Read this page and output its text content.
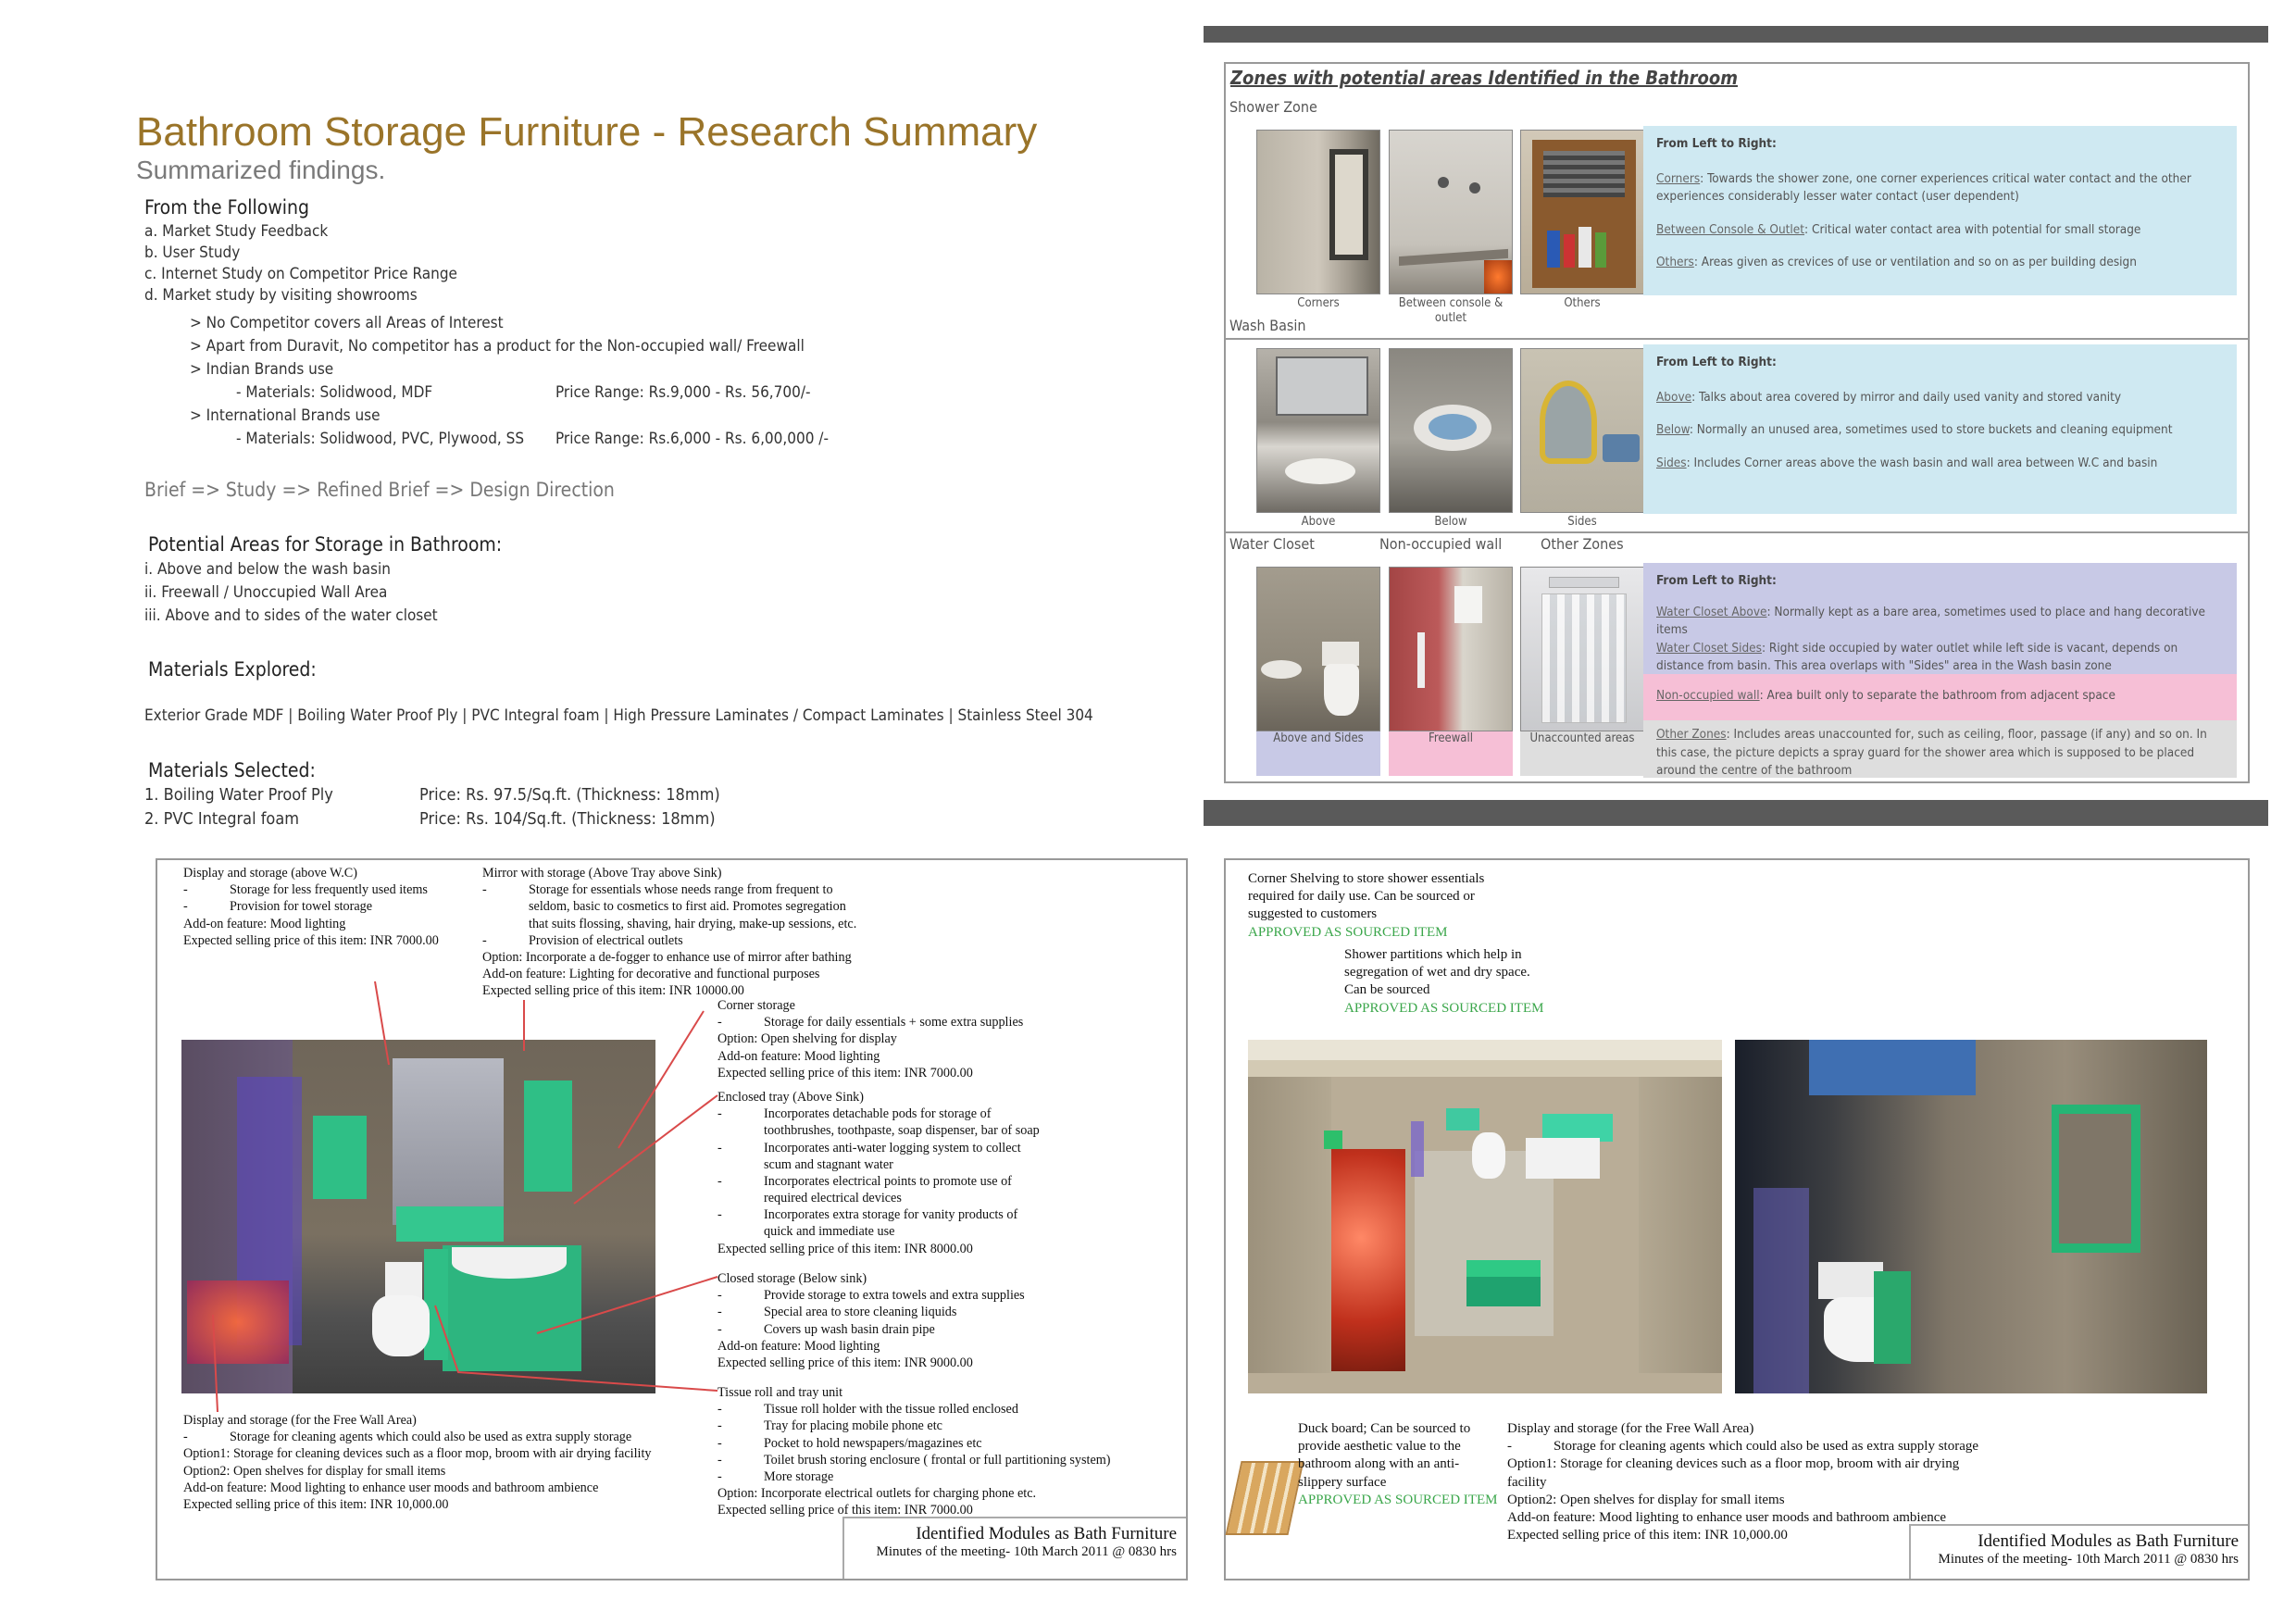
Bathroom Storage Furniture - Research Summary
Summarized findings.
From the Following
a. Market Study Feedback
b. User Study
c. Internet Study on Competitor Price Range
d. Market study by visiting showrooms
> No Competitor covers all Areas of Interest
> Apart from Duravit, No competitor has a product for the Non-occupied wall/ Freewall
> Indian Brands use
- Materials: Solidwood, MDF	Price Range: Rs.9,000 - Rs. 56,700/-
> International Brands use
- Materials: Solidwood, PVC, Plywood, SS Price Range: Rs.6,000 - Rs. 6,00,000 /-
Brief => Study => Refined Brief => Design Direction
Potential Areas for Storage in Bathroom:
i. Above and below the wash basin
ii. Freewall / Unoccupied Wall Area
iii. Above and to sides of the water closet
Materials Explored:
Exterior Grade MDF | Boiling Water Proof Ply | PVC Integral foam | High Pressure Laminates / Compact Laminates | Stainless Steel 304
Materials Selected:
1. Boiling Water Proof Ply	Price: Rs. 97.5/Sq.ft. (Thickness: 18mm)
2. PVC Integral foam	Price: Rs. 104/Sq.ft. (Thickness: 18mm)
Zones with potential areas Identified in the Bathroom
Shower Zone
Corners	Between console & outlet
Others

From Left to Right:

Corners: Towards the shower zone, one corner experiences critical water contact and the other experiences considerably lesser water contact (user dependent)

Between Console & Outlet: Critical water contact area with potential for small storage

Others: Areas given as crevices of use or ventilation and so on as per building design

Wash Basin
Above	Below	Sides

From Left to Right:

Above: Talks about area covered by mirror and daily used vanity and stored vanity

Below: Normally an unused area, sometimes used to store buckets and cleaning equipment

Sides: Includes Corner areas above the wash basin and wall area between W.C and basin

Water Closet	Non-occupied wall	Other Zones
Above and Sides	Freewall	Unaccounted areas

From Left to Right:

Water Closet Above: Normally kept as a bare area, sometimes used to place and hang decorative items

Water Closet Sides: Right side occupied by water outlet while left side is vacant, depends on distance from basin. This area overlaps with "Sides" area in the Wash basin zone

Non-occupied wall: Area built only to separate the bathroom from adjacent space

Other Zones: Includes areas unaccounted for, such as ceiling, floor, passage (if any) and so on. In this case, the picture depicts a spray guard for the shower area which is supposed to be placed around the centre of the bathroom

Display and storage (above W.C)
- Storage for less frequently used items
- Provision for towel storage
Add-on feature: Mood lighting
Expected selling price of this item: INR 7000.00
Mirror with storage (Above Tray above Sink)
- Storage for essentials whose needs range from frequent to
seldom, basic to cosmetics to first aid. Promotes segregation
that suits flossing, shaving, hair drying, make-up sessions, etc.
- Provision of electrical outlets
Option: Incorporate a de-fogger to enhance use of mirror after bathing
Add-on feature: Lighting for decorative and functional purposes
Expected selling price of this item: INR 10000.00
Corner storage
- Storage for daily essentials + some extra supplies
Option: Open shelving for display
Add-on feature: Mood lighting
Expected selling price of this item: INR 7000.00
Enclosed tray (Above Sink)
- Incorporates detachable pods for storage of
toothbrushes, toothpaste, soap dispenser, bar of soap
- Incorporates anti-water logging system to collect
scum and stagnant water
- Incorporates electrical points to promote use of
required electrical devices
- Incorporates extra storage for vanity products of
quick and immediate use
Expected selling price of this item: INR 8000.00
Closed storage (Below sink)
- Provide storage to extra towels and extra supplies
- Special area to store cleaning liquids
- Covers up wash basin drain pipe
Add-on feature: Mood lighting
Expected selling price of this item: INR 9000.00
Tissue roll and tray unit
- Tissue roll holder with the tissue rolled enclosed
- Tray for placing mobile phone etc
- Pocket to hold newspapers/magazines etc
- Toilet brush storing enclosure ( frontal or full partitioning system)
- More storage
Option: Incorporate electrical outlets for charging phone etc.
Expected selling price of this item: INR 7000.00
Display and storage (for the Free Wall Area)
- Storage for cleaning agents which could also be used as extra supply storage
Option1: Storage for cleaning devices such as a floor mop, broom with air drying facility
Option2: Open shelves for display for small items
Add-on feature: Mood lighting to enhance user moods and bathroom ambience
Expected selling price of this item: INR 10,000.00
Identified Modules as Bath Furniture
Minutes of the meeting- 10th March 2011 @ 0830 hrs
Corner Shelving to store shower essentials
required for daily use. Can be sourced or
suggested to customers
APPROVED AS SOURCED ITEM
Shower partitions which help in
segregation of wet and dry space.
Can be sourced
APPROVED AS SOURCED ITEM
Duck board; Can be sourced to
provide aesthetic value to the
bathroom along with an anti-
slippery surface
APPROVED AS SOURCED ITEM
Display and storage (for the Free Wall Area)
- Storage for cleaning agents which could also be used as extra supply storage
Option1: Storage for cleaning devices such as a floor mop, broom with air drying
facility
Option2: Open shelves for display for small items
Add-on feature: Mood lighting to enhance user moods and bathroom ambience
Expected selling price of this item: INR 10,000.00	Identified Modules as Bath Furniture
Minutes of the meeting- 10th March 2011 @ 0830 hrs
